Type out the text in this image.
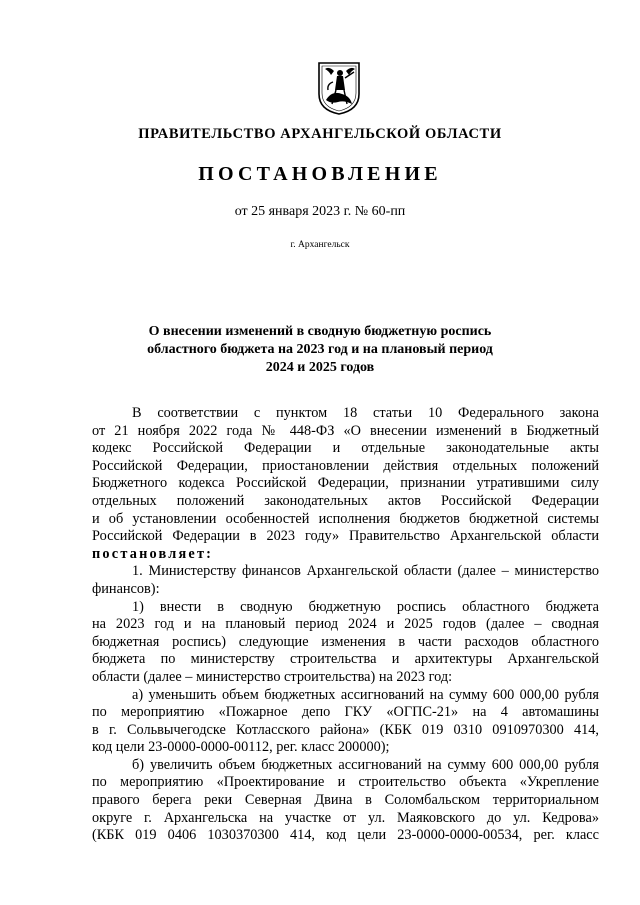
ПРАВИТЕЛЬСТВО АРХАНГЕЛЬСКОЙ ОБЛАСТИ
ПОСТАНОВЛЕНИЕ
от 25 января 2023 г. № 60-пп
г. Архангельск
О внесении изменений в сводную бюджетную роспись
областного бюджета на 2023 год и на плановый период
2024 и 2025 годов
В соответствии с пунктом 18 статьи 10 Федерального закона
от 21 ноября 2022 года № 448-ФЗ «О внесении изменений в Бюджетный
кодекс Российской Федерации и отдельные законодательные акты
Российской Федерации, приостановлении действия отдельных положений
Бюджетного кодекса Российской Федерации, признании утратившими силу
отдельных положений законодательных актов Российской Федерации
и об установлении особенностей исполнения бюджетов бюджетной системы
Российской Федерации в 2023 году» Правительство Архангельской области
постановляет:
1. Министерству финансов Архангельской области (далее – министерство
финансов):
1) внести в сводную бюджетную роспись областного бюджета
на 2023 год и на плановый период 2024 и 2025 годов (далее – сводная
бюджетная роспись) следующие изменения в части расходов областного
бюджета по министерству строительства и архитектуры Архангельской
области (далее – министерство строительства) на 2023 год:
а) уменьшить объем бюджетных ассигнований на сумму 600 000,00 рубля
по мероприятию «Пожарное депо ГКУ «ОГПС-21» на 4 автомашины
в г. Сольвычегодске Котласского района» (КБК 019 0310 0910970300 414,
код цели 23-0000-0000-00112, рег. класс 200000);
б) увеличить объем бюджетных ассигнований на сумму 600 000,00 рубля
по мероприятию «Проектирование и строительство объекта «Укрепление
правого берега реки Северная Двина в Соломбальском территориальном
округе г. Архангельска на участке от ул. Маяковского до ул. Кедрова»
(КБК 019 0406 1030370300 414, код цели 23-0000-0000-00534, рег. класс
